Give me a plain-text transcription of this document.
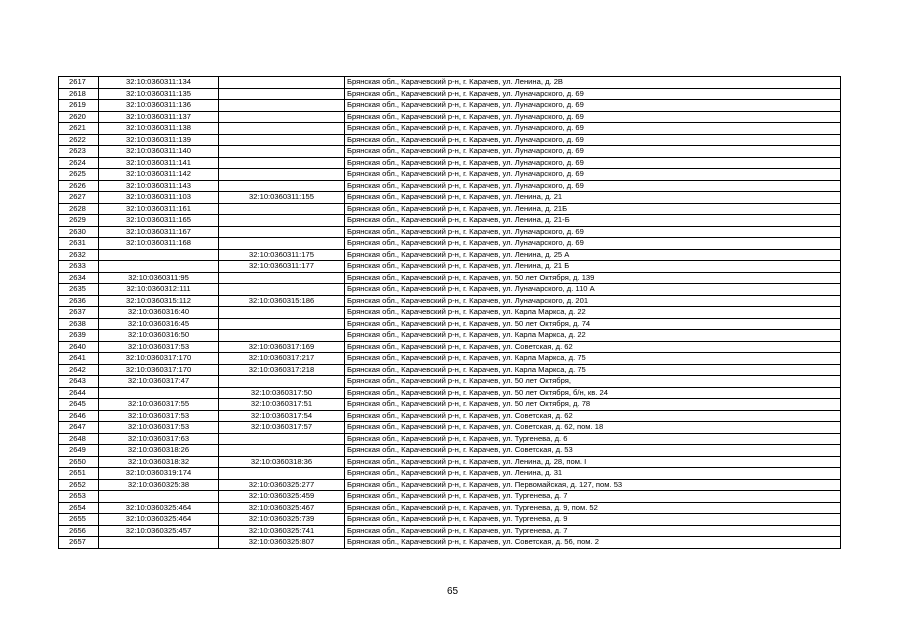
2617	32:10:0360311:134		Брянская обл., Карачевский р-н, г. Карачев, ул. Ленина, д. 2В
2618	32:10:0360311:135		Брянская обл., Карачевский р-н, г. Карачев, ул. Луначарского, д. 69
2619	32:10:0360311:136		Брянская обл., Карачевский р-н, г. Карачев, ул. Луначарского, д. 69
2620	32:10:0360311:137		Брянская обл., Карачевский р-н, г. Карачев, ул. Луначарского, д. 69
2621	32:10:0360311:138		Брянская обл., Карачевский р-н, г. Карачев, ул. Луначарского, д. 69
2622	32:10:0360311:139		Брянская обл., Карачевский р-н, г. Карачев, ул. Луначарского, д. 69
2623	32:10:0360311:140		Брянская обл., Карачевский р-н, г. Карачев, ул. Луначарского, д. 69
2624	32:10:0360311:141		Брянская обл., Карачевский р-н, г. Карачев, ул. Луначарского, д. 69
2625	32:10:0360311:142		Брянская обл., Карачевский р-н, г. Карачев, ул. Луначарского, д. 69
2626	32:10:0360311:143		Брянская обл., Карачевский р-н, г. Карачев, ул. Луначарского, д. 69
2627	32:10:0360311:103	32:10:0360311:155	Брянская обл., Карачевский р-н, г. Карачев, ул. Ленина, д. 21
2628	32:10:0360311:161		Брянская обл., Карачевский р-н, г. Карачев, ул. Ленина, д. 21Б
2629	32:10:0360311:165		Брянская обл., Карачевский р-н, г. Карачев, ул. Ленина, д. 21-Б
2630	32:10:0360311:167		Брянская обл., Карачевский р-н, г. Карачев, ул. Луначарского, д. 69
2631	32:10:0360311:168		Брянская обл., Карачевский р-н, г. Карачев, ул. Луначарского, д. 69
2632		32:10:0360311:175	Брянская обл., Карачевский р-н, г. Карачев, ул. Ленина, д. 25 А
2633		32:10:0360311:177	Брянская обл., Карачевский р-н, г. Карачев, ул. Ленина, д. 21 Б
2634	32:10:0360311:95		Брянская обл., Карачевский р-н, г. Карачев, ул. 50 лет Октября, д. 139
2635	32:10:0360312:111		Брянская обл., Карачевский р-н, г. Карачев, ул. Луначарского, д. 110 А
2636	32:10:0360315:112	32:10:0360315:186	Брянская обл., Карачевский р-н, г. Карачев, ул. Луначарского, д. 201
2637	32:10:0360316:40		Брянская обл., Карачевский р-н, г. Карачев, ул. Карла Маркса, д. 22
2638	32:10:0360316:45		Брянская обл., Карачевский р-н, г. Карачев, ул. 50 лет Октября, д. 74
2639	32:10:0360316:50		Брянская обл., Карачевский р-н, г. Карачев, ул. Карла Маркса, д. 22
2640	32:10:0360317:53	32:10:0360317:169	Брянская обл., Карачевский р-н, г. Карачев, ул. Советская, д. 62
2641	32:10:0360317:170	32:10:0360317:217	Брянская обл., Карачевский р-н, г. Карачев, ул. Карла Маркса, д. 75
2642	32:10:0360317:170	32:10:0360317:218	Брянская обл., Карачевский р-н, г. Карачев, ул. Карла Маркса, д. 75
2643	32:10:0360317:47		Брянская обл., Карачевский р-н, г. Карачев, ул. 50 лет Октября,
2644		32:10:0360317:50	Брянская обл., Карачевский р-н, г. Карачев, ул. 50 лет Октября, б/н, кв. 24
2645	32:10:0360317:55	32:10:0360317:51	Брянская обл., Карачевский р-н, г. Карачев, ул. 50 лет Октября, д. 78
2646	32:10:0360317:53	32:10:0360317:54	Брянская обл., Карачевский р-н, г. Карачев, ул. Советская, д. 62
2647	32:10:0360317:53	32:10:0360317:57	Брянская обл., Карачевский р-н, г. Карачев, ул. Советская, д. 62, пом. 18
2648	32:10:0360317:63		Брянская обл., Карачевский р-н, г. Карачев, ул. Тургенева, д. 6
2649	32:10:0360318:26		Брянская обл., Карачевский р-н, г. Карачев, ул. Советская, д. 53
2650	32:10:0360318:32	32:10:0360318:36	Брянская обл., Карачевский р-н, г. Карачев, ул. Ленина, д. 28, пом. I
2651	32:10:0360319:174		Брянская обл., Карачевский р-н, г. Карачев, ул. Ленина, д. 31
2652	32:10:0360325:38	32:10:0360325:277	Брянская обл., Карачевский р-н, г. Карачев, ул. Первомайская, д. 127, пом. 53
2653		32:10:0360325:459	Брянская обл., Карачевский р-н, г. Карачев, ул. Тургенева, д. 7
2654	32:10:0360325:464	32:10:0360325:467	Брянская обл., Карачевский р-н, г. Карачев, ул. Тургенева, д. 9, пом. 52
2655	32:10:0360325:464	32:10:0360325:739	Брянская обл., Карачевский р-н, г. Карачев, ул. Тургенева, д. 9
2656	32:10:0360325:457	32:10:0360325:741	Брянская обл., Карачевский р-н, г. Карачев, ул. Тургенева, д. 7
2657		32:10:0360325:807	Брянская обл., Карачевский р-н, г. Карачев, ул. Советская, д. 56, пом. 2
65
